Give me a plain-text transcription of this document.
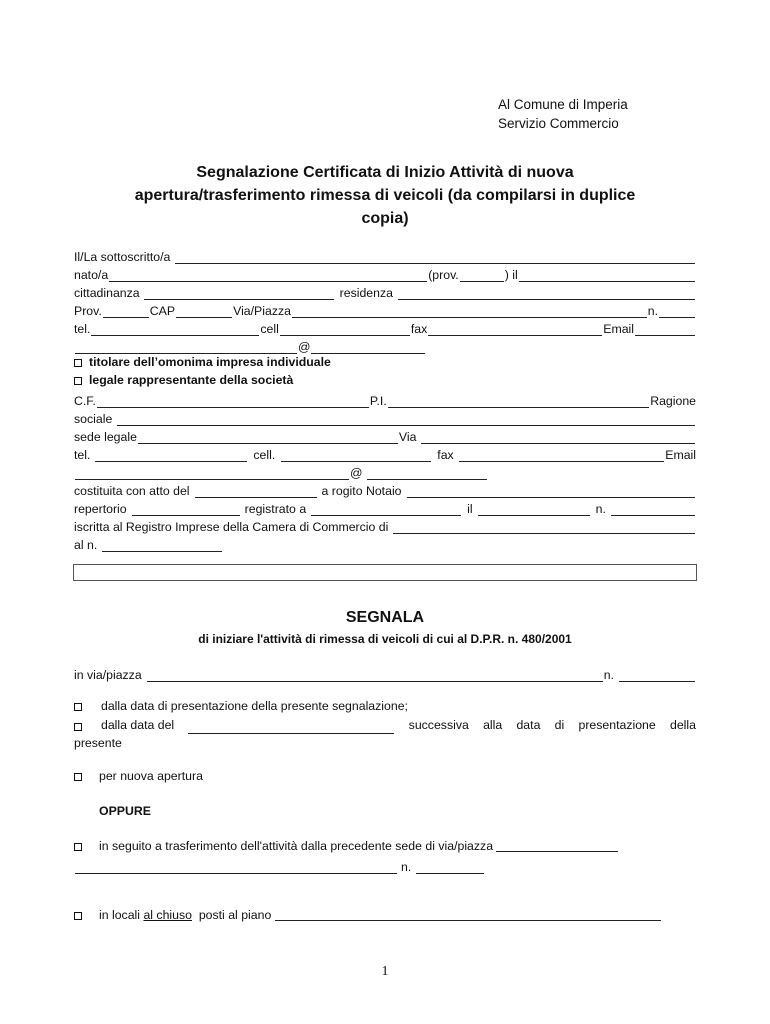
Al Comune di Imperia
Servizio Commercio
Segnalazione Certificata di Inizio Attività di nuova
apertura/trasferimento rimessa di veicoli (da compilarsi in duplice
copia)
Il/La sottoscritto/a
nato/a	(prov.	) il
cittadinanza	residenza
Prov.	CAP	Via/Piazza	n.
tel.	cell	fax	Email
@
titolare dell’omonima impresa individuale
legale rappresentante della società
C.F.	P.I.	Ragione
sociale
sede legale	Via
tel.	cell.	fax	Email
@
costituita con atto del	a rogito Notaio
repertorio	registrato a	il	n.
iscritta al Registro Imprese della Camera di Commercio di
al n.
SEGNALA
di iniziare l'attività di rimessa di veicoli di cui al D.P.R. n. 480/2001
in via/piazza	n.
dalla data di presentazione della presente segnalazione;
dalla data del	successiva alla data di presentazione della
presente
per nuova apertura
OPPURE
in seguito a trasferimento dell'attività dalla precedente sede di via/piazza
n.
in locali al chiuso  posti al piano
1
